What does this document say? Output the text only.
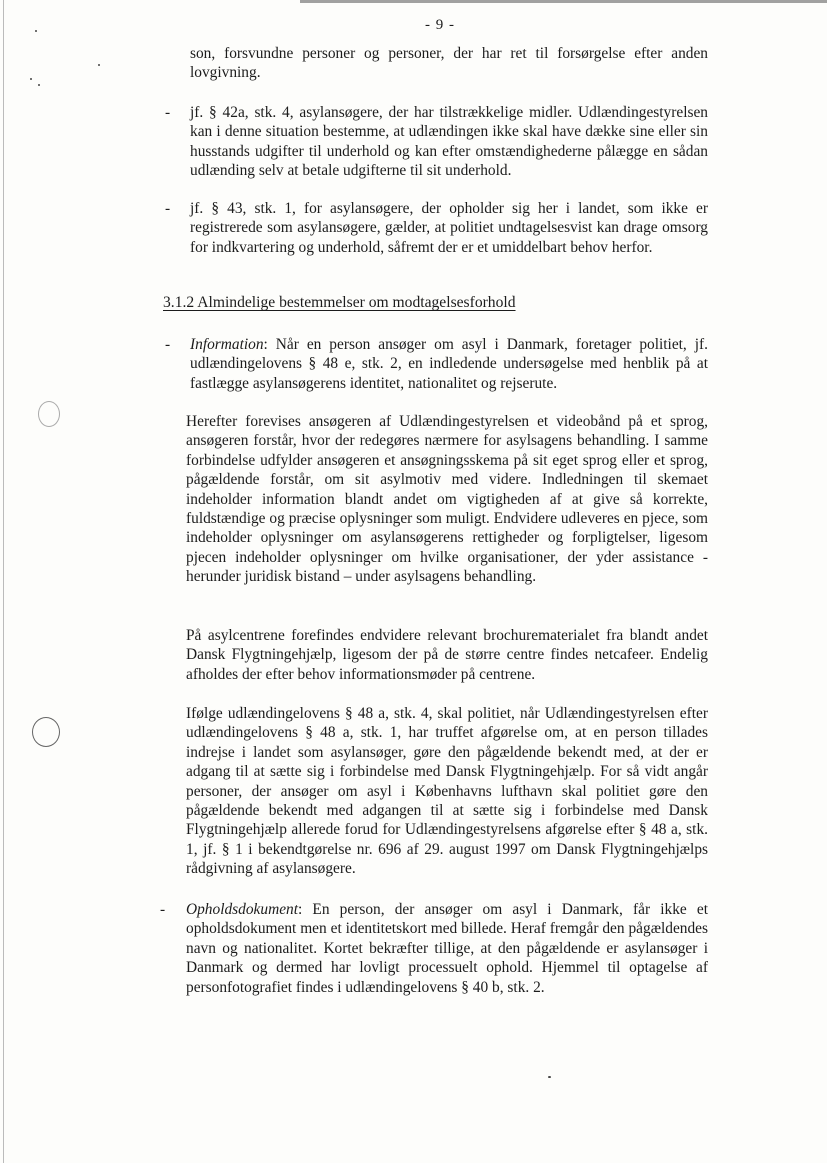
- 9 -

son, forsvundne personer og personer, der har ret til forsørgelse efter anden lovgivning.

- jf. § 42a, stk. 4, asylansøgere, der har tilstrækkelige midler. Udlændingestyrelsen kan i denne situation bestemme, at udlændingen ikke skal have dække sine eller sin husstands udgifter til underhold og kan efter omstændighederne pålægge en sådan udlænding selv at betale udgifterne til sit underhold.

- jf. § 43, stk. 1, for asylansøgere, der opholder sig her i landet, som ikke er registrerede som asylansøgere, gælder, at politiet undtagelsesvist kan drage omsorg for indkvartering og underhold, såfremt der er et umiddelbart behov herfor.

3.1.2 Almindelige bestemmelser om modtagelsesforhold
- Information: Når en person ansøger om asyl i Danmark, foretager politiet, jf. udlændingelovens § 48 e, stk. 2, en indledende undersøgelse med henblik på at fastlægge asylansøgerens identitet, nationalitet og rejserute.

Herefter forevises ansøgeren af Udlændingestyrelsen et videobånd på et sprog, ansøgeren forstår, hvor der redegøres nærmere for asylsagens behandling. I samme forbindelse udfylder ansøgeren et ansøgningsskema på sit eget sprog eller et sprog, pågældende forstår, om sit asylmotiv med videre. Indledningen til skemaet indeholder information blandt andet om vigtigheden af at give så korrekte, fuldstændige og præcise oplysninger som muligt. Endvidere udleveres en pjece, som indeholder oplysninger om asylansøgerens rettigheder og forpligtelser, ligesom pjecen indeholder oplysninger om hvilke organisationer, der yder assistance - herunder juridisk bistand – under asylsagens behandling.

På asylcentrene forefindes endvidere relevant brochurematerialet fra blandt andet Dansk Flygtningehjælp, ligesom der på de større centre findes netcafeer. Endelig afholdes der efter behov informationsmøder på centrene.

Ifølge udlændingelovens § 48 a, stk. 4, skal politiet, når Udlændingestyrelsen efter udlændingelovens § 48 a, stk. 1, har truffet afgørelse om, at en person tillades indrejse i landet som asylansøger, gøre den pågældende bekendt med, at der er adgang til at sætte sig i forbindelse med Dansk Flygtningehjælp. For så vidt angår personer, der ansøger om asyl i Københavns lufthavn skal politiet gøre den pågældende bekendt med adgangen til at sætte sig i forbindelse med Dansk Flygtningehjælp allerede forud for Udlændingestyrelsens afgørelse efter § 48 a, stk. 1, jf. § 1 i bekendtgørelse nr. 696 af 29. august 1997 om Dansk Flygtningehjælps rådgivning af asylansøgere.

- Opholdsdokument: En person, der ansøger om asyl i Danmark, får ikke et opholdsdokument men et identitetskort med billede. Heraf fremgår den pågældendes navn og nationalitet. Kortet bekræfter tillige, at den pågældende er asylansøger i Danmark og dermed har lovligt processuelt ophold. Hjemmel til optagelse af personfotografiet findes i udlændingelovens § 40 b, stk. 2.
